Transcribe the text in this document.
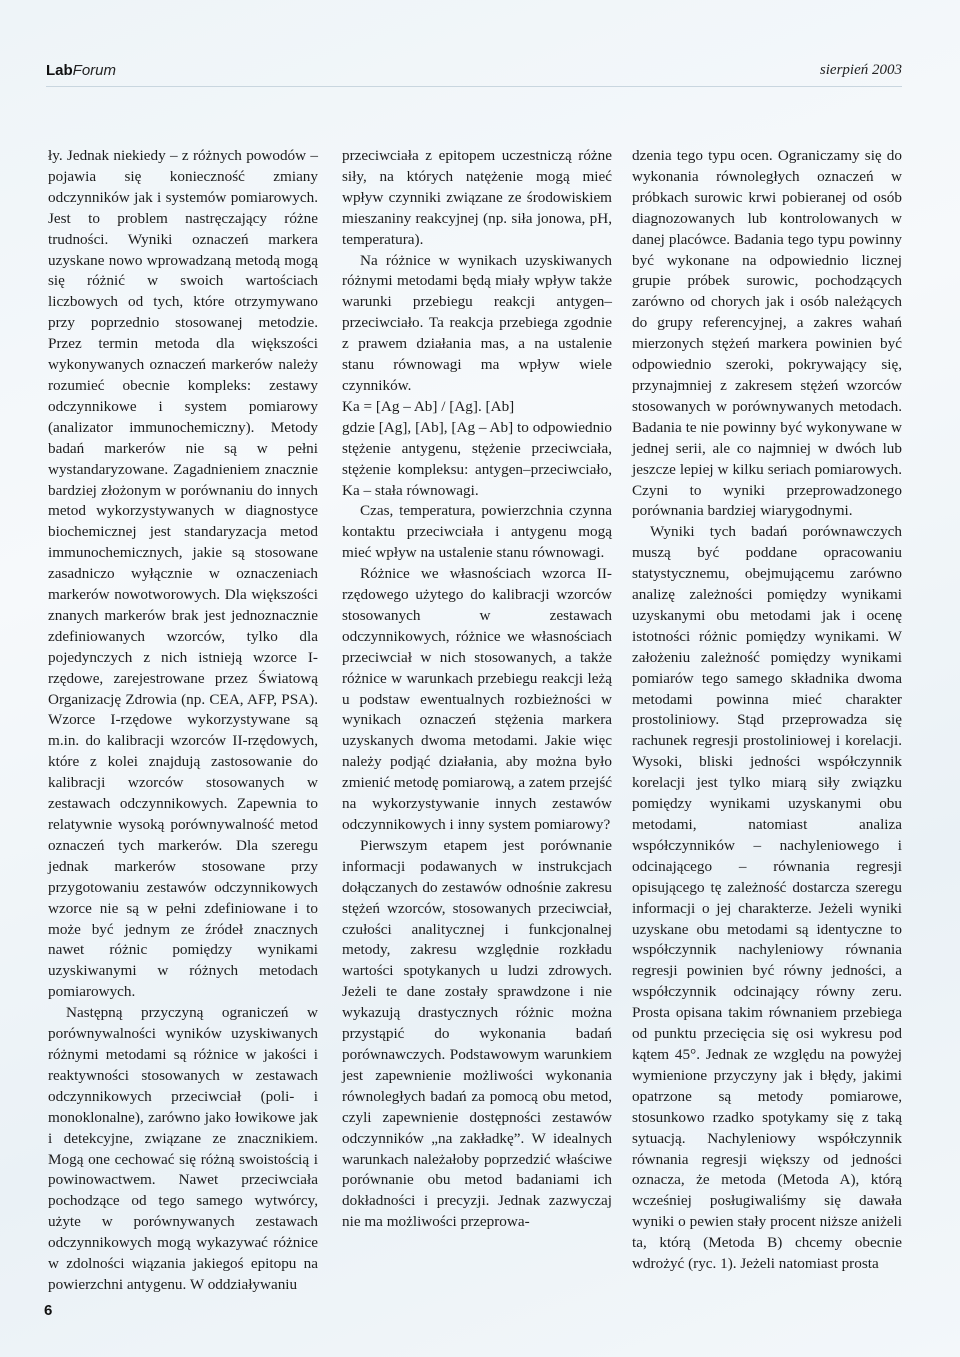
LabForum	sierpień 2003

ły. Jednak niekiedy – z różnych powodów – pojawia się konieczność zmiany odczynników jak i systemów pomiarowych. Jest to problem nastręczający różne trudności. Wyniki oznaczeń markera uzyskane nowo wprowadzaną metodą mogą się różnić w swoich wartościach liczbowych od tych, które otrzymywano przy poprzednio stosowanej metodzie. Przez termin metoda dla większości wykonywanych oznaczeń markerów należy rozumieć obecnie kompleks: zestawy odczynnikowe i system pomiarowy (analizator immunochemiczny). Metody badań markerów nie są w pełni wystandaryzowane. Zagadnieniem znacznie bardziej złożonym w porównaniu do innych metod wykorzystywanych w diagnostyce biochemicznej jest standaryzacja metod immunochemicznych, jakie są stosowane zasadniczo wyłącznie w oznaczeniach markerów nowotworowych. Dla większości znanych markerów brak jest jednoznacznie zdefiniowanych wzorców, tylko dla pojedynczych z nich istnieją wzorce I-rzędowe, zarejestrowane przez Światową Organizację Zdrowia (np. CEA, AFP, PSA). Wzorce I-rzędowe wykorzystywane są m.in. do kalibracji wzorców II-rzędowych, które z kolei znajdują zastosowanie do kalibracji wzorców stosowanych w zestawach odczynnikowych. Zapewnia to relatywnie wysoką porównywalność metod oznaczeń tych markerów. Dla szeregu jednak markerów stosowane przy przygotowaniu zestawów odczynnikowych wzorce nie są w pełni zdefiniowane i to może być jednym ze źródeł znacznych nawet różnic pomiędzy wynikami uzyskiwanymi w różnych metodach pomiarowych.

Następną przyczyną ograniczeń w porównywalności wyników uzyskiwanych różnymi metodami są różnice w jakości i reaktywności stosowanych w zestawach odczynnikowych przeciwciał (poli- i monoklonalne), zarówno jako łowikowe jak i detekcyjne, związane ze znacznikiem. Mogą one cechować się różną swoistością i powinowactwem. Nawet przeciwciała pochodzące od tego samego wytwórcy, użyte w porównywanych zestawach odczynnikowych mogą wykazywać różnice w zdolności wiązania jakiegoś epitopu na powierzchni antygenu. W oddziaływaniu

przeciwciała z epitopem uczestniczą różne siły, na których natężenie mogą mieć wpływ czynniki związane ze środowiskiem mieszaniny reakcyjnej (np. siła jonowa, pH, temperatura).

Na różnice w wynikach uzyskiwanych różnymi metodami będą miały wpływ także warunki przebiegu reakcji antygen– przeciwciało. Ta reakcja przebiega zgodnie z prawem działania mas, a na ustalenie stanu równowagi ma wpływ wiele czynników.

Ka = [Ag – Ab] / [Ag]. [Ab]

gdzie [Ag], [Ab], [Ag – Ab] to odpowiednio stężenie antygenu, stężenie przeciwciała, stężenie kompleksu: antygen–przeciwciało, Ka – stała równowagi.

Czas, temperatura, powierzchnia czynna kontaktu przeciwciała i antygenu mogą mieć wpływ na ustalenie stanu równowagi.

Różnice we własnościach wzorca II-rzędowego użytego do kalibracji wzorców stosowanych w zestawach odczynnikowych, różnice we własnościach przeciwciał w nich stosowanych, a także różnice w warunkach przebiegu reakcji leżą u podstaw ewentualnych rozbieżności w wynikach oznaczeń stężenia markera uzyskanych dwoma metodami. Jakie więc należy podjąć działania, aby można było zmienić metodę pomiarową, a zatem przejść na wykorzystywanie innych zestawów odczynnikowych i inny system pomiarowy?

Pierwszym etapem jest porównanie informacji podawanych w instrukcjach dołączanych do zestawów odnośnie zakresu stężeń wzorców, stosowanych przeciwciał, czułości analitycznej i funkcjonalnej metody, zakresu względnie rozkładu wartości spotykanych u ludzi zdrowych. Jeżeli te dane zostały sprawdzone i nie wykazują drastycznych różnic można przystąpić do wykonania badań porównawczych. Podstawowym warunkiem jest zapewnienie możliwości wykonania równoległych badań za pomocą obu metod, czyli zapewnienie dostępności zestawów odczynników „na zakładkę”. W idealnych warunkach należałoby poprzedzić właściwe porównanie obu metod badaniami ich dokładności i precyzji. Jednak zazwyczaj nie ma możliwości przeprowa-

dzenia tego typu ocen. Ograniczamy się do wykonania równoległych oznaczeń w próbkach surowic krwi pobieranej od osób diagnozowanych lub kontrolowanych w danej placówce. Badania tego typu powinny być wykonane na odpowiednio licznej grupie próbek surowic, pochodzących zarówno od chorych jak i osób należących do grupy referencyjnej, a zakres wahań mierzonych stężeń markera powinien być odpowiednio szeroki, pokrywający się, przynajmniej z zakresem stężeń wzorców stosowanych w porównywanych metodach. Badania te nie powinny być wykonywane w jednej serii, ale co najmniej w dwóch lub jeszcze lepiej w kilku seriach pomiarowych. Czyni to wyniki przeprowadzonego porównania bardziej wiarygodnymi.

Wyniki tych badań porównawczych muszą być poddane opracowaniu statystycznemu, obejmującemu zarówno analizę zależności pomiędzy wynikami uzyskanymi obu metodami jak i ocenę istotności różnic pomiędzy wynikami. W założeniu zależność pomiędzy wynikami pomiarów tego samego składnika dwoma metodami powinna mieć charakter prostoliniowy. Stąd przeprowadza się rachunek regresji prostoliniowej i korelacji. Wysoki, bliski jedności współczynnik korelacji jest tylko miarą siły związku pomiędzy wynikami uzyskanymi obu metodami, natomiast analiza współczynników – nachyleniowego i odcinającego – równania regresji opisującego tę zależność dostarcza szeregu informacji o jej charakterze. Jeżeli wyniki uzyskane obu metodami są identyczne to współczynnik nachyleniowy równania regresji powinien być równy jedności, a współczynnik odcinający równy zeru. Prosta opisana takim równaniem przebiega od punktu przecięcia się osi wykresu pod kątem 45°. Jednak ze względu na powyżej wymienione przyczyny jak i błędy, jakimi opatrzone są metody pomiarowe, stosunkowo rzadko spotykamy się z taką sytuacją. Nachyleniowy współczynnik równania regresji większy od jedności oznacza, że metoda (Metoda A), którą wcześniej posługiwaliśmy się dawała wyniki o pewien stały procent niższe aniżeli ta, którą (Metoda B) chcemy obecnie wdrożyć (ryc. 1). Jeżeli natomiast prosta

6
